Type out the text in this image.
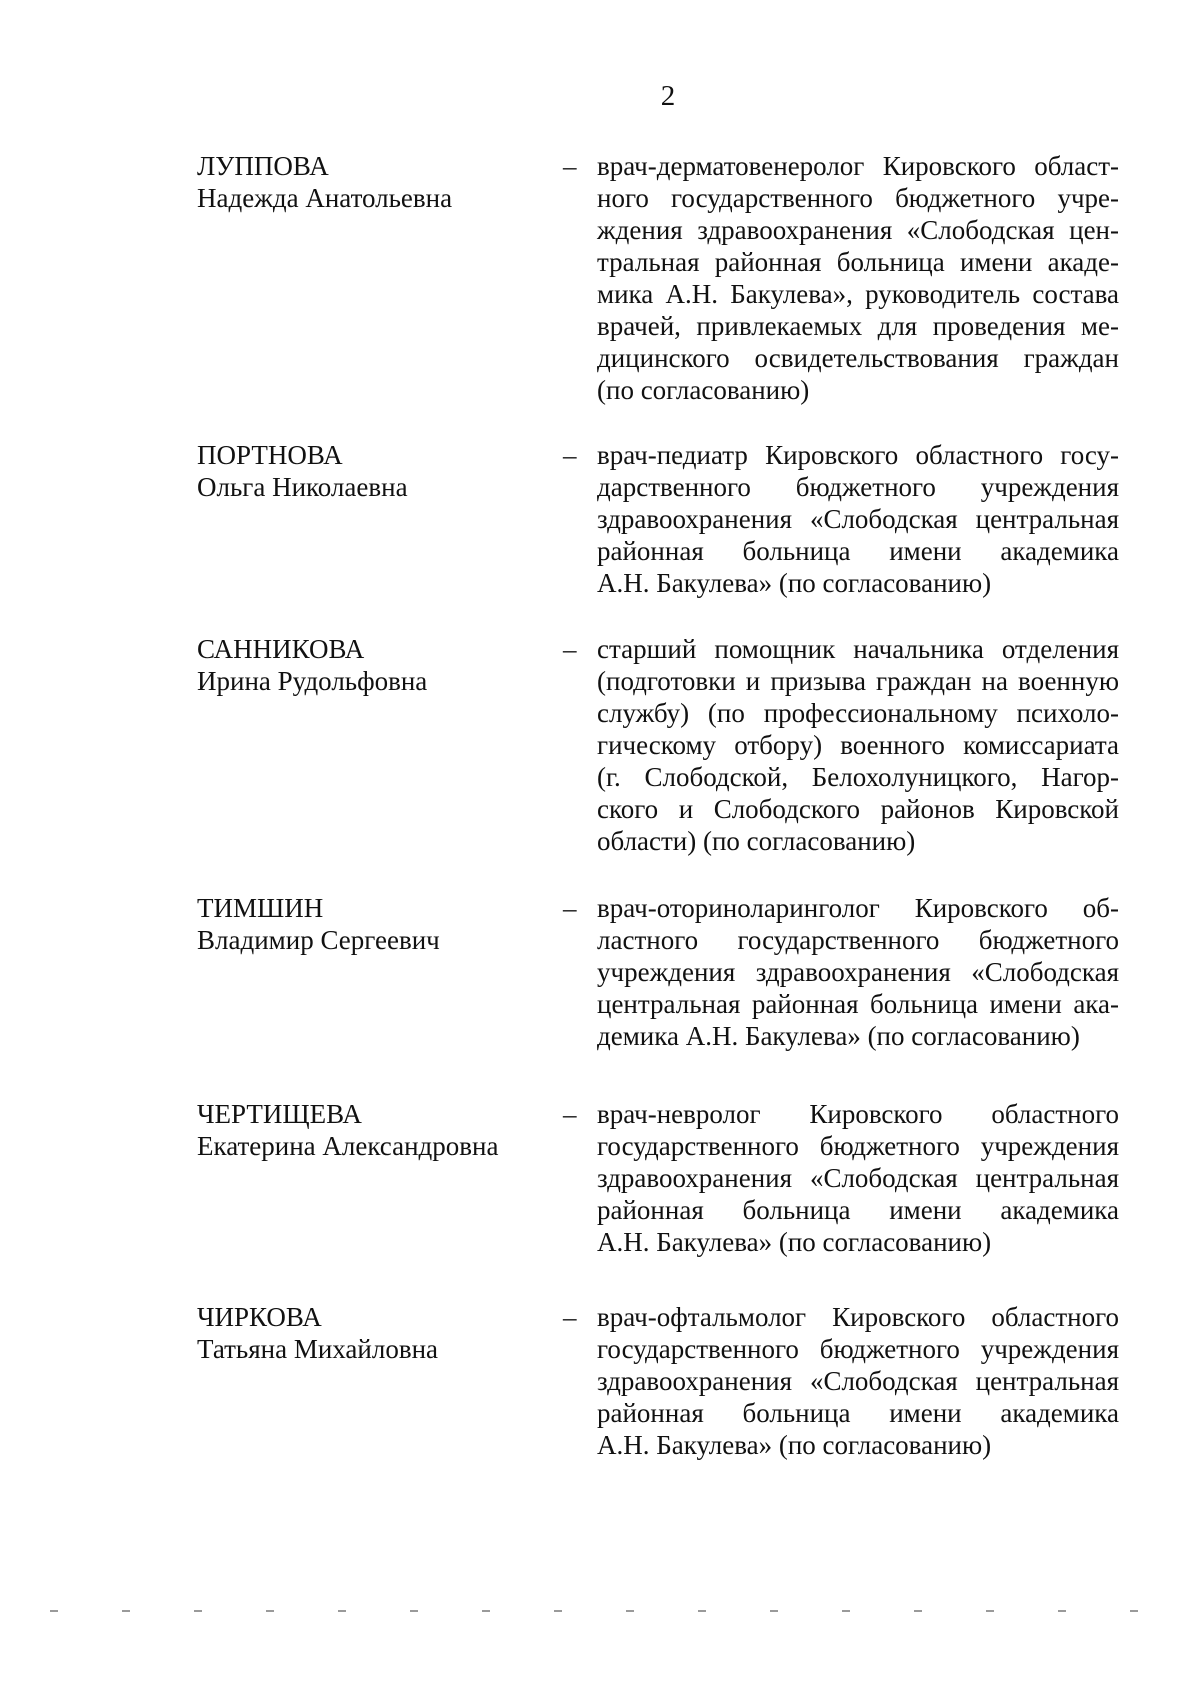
2
ЛУППОВА
Надежда Анатольевна
– врач-дерматовенеролог Кировского област-
ного государственного бюджетного учре-
ждения здравоохранения «Слободская цен-
тральная районная больница имени акаде-
мика А.Н. Бакулева», руководитель состава
врачей, привлекаемых для проведения ме-
дицинского освидетельствования граждан
(по согласованию)
ПОРТНОВА
Ольга Николаевна
– врач-педиатр Кировского областного госу-
дарственного бюджетного учреждения
здравоохранения «Слободская центральная
районная больница имени академика
А.Н. Бакулева» (по согласованию)
САННИКОВА
Ирина Рудольфовна
– старший помощник начальника отделения
(подготовки и призыва граждан на военную
службу) (по профессиональному психоло-
гическому отбору) военного комиссариата
(г. Слободской, Белохолуницкого, Нагор-
ского и Слободского районов Кировской
области) (по согласованию)
ТИМШИН
Владимир Сергеевич
– врач-оториноларинголог Кировского об-
ластного государственного бюджетного
учреждения здравоохранения «Слободская
центральная районная больница имени ака-
демика А.Н. Бакулева» (по согласованию)
ЧЕРТИЩЕВА
Екатерина Александровна
– врач-невролог Кировского областного
государственного бюджетного учреждения
здравоохранения «Слободская центральная
районная больница имени академика
А.Н. Бакулева» (по согласованию)
ЧИРКОВА
Татьяна Михайловна
– врач-офтальмолог Кировского областного
государственного бюджетного учреждения
здравоохранения «Слободская центральная
районная больница имени академика
А.Н. Бакулева» (по согласованию)
